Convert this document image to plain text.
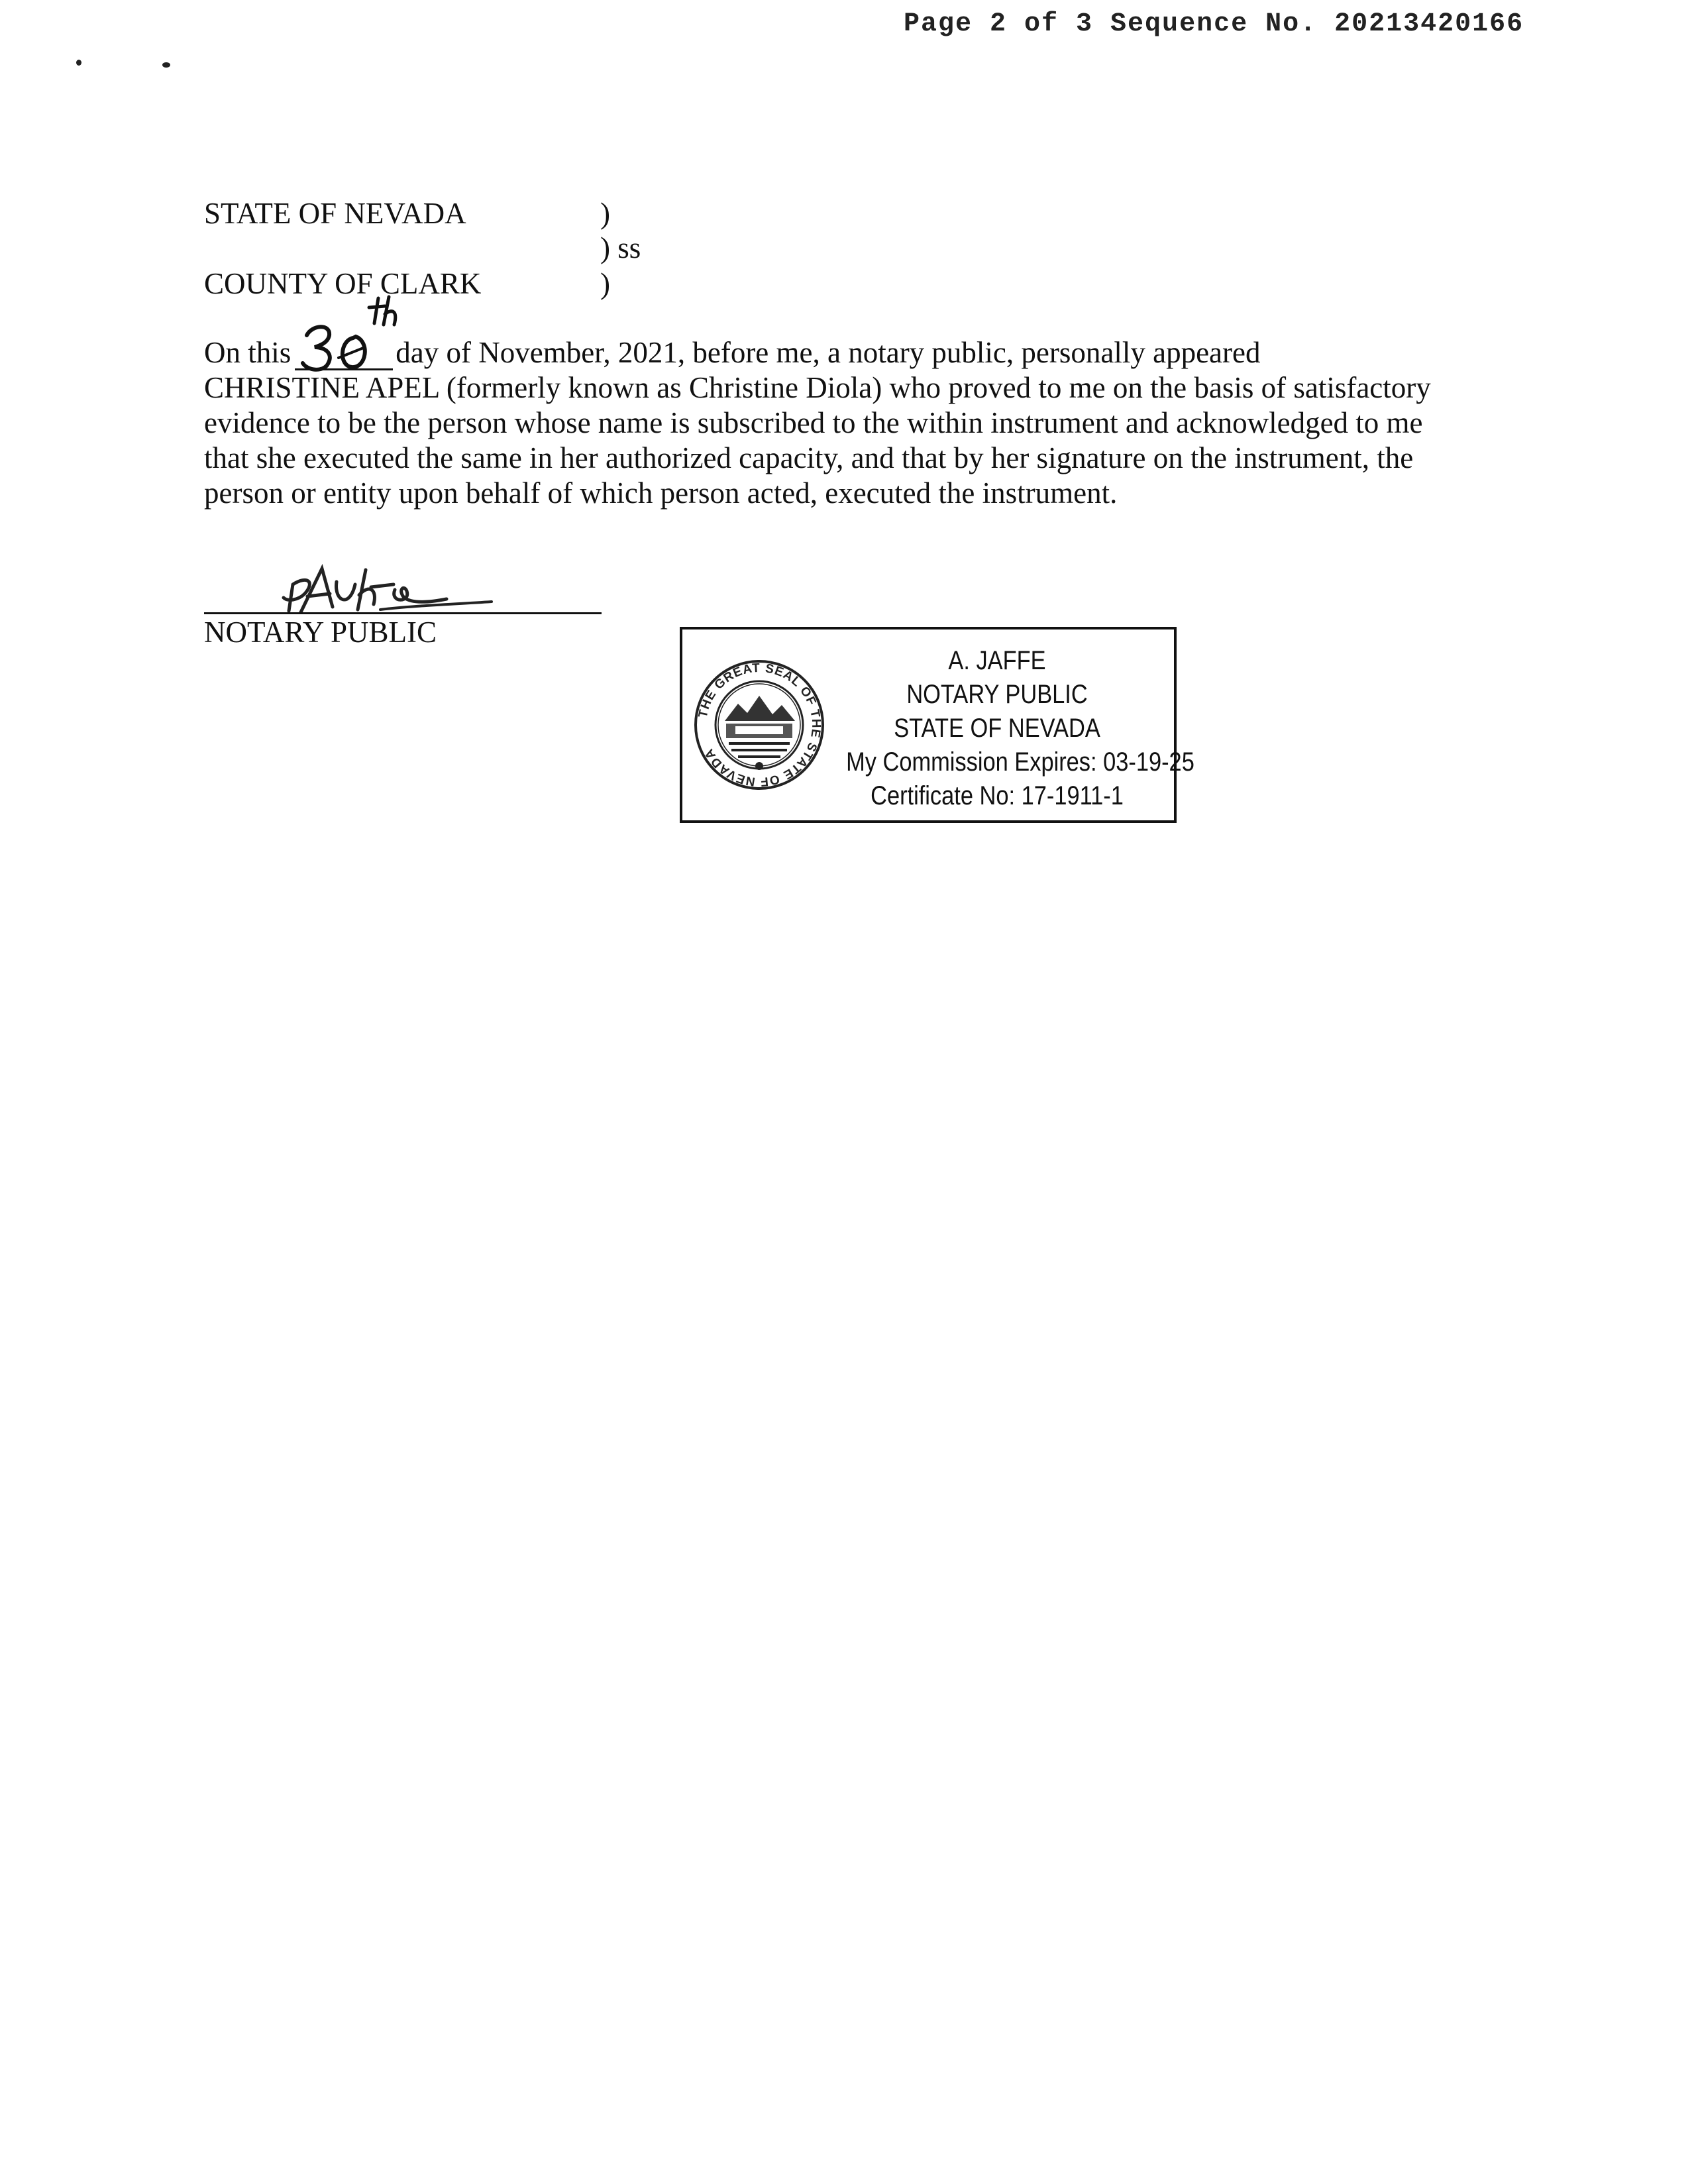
Page 2 of 3 Sequence No. 20213420166
STATE OF NEVADA	)
) ss
COUNTY OF CLARK	)
On this	day of November, 2021, before me, a notary public, personally appeared
CHRISTINE APEL (formerly known as Christine Diola) who proved to me on the basis of satisfactory
evidence to be the person whose name is subscribed to the within instrument and acknowledged to me
that she executed the same in her authorized capacity, and that by her signature on the instrument, the
person or entity upon behalf of which person acted, executed the instrument.
NOTARY PUBLIC
THE GREAT SEAL OF THE STATE OF NEVADA
A. JAFFE
NOTARY PUBLIC
STATE OF NEVADA
My Commission Expires: 03-19-25
Certificate No: 17-1911-1
